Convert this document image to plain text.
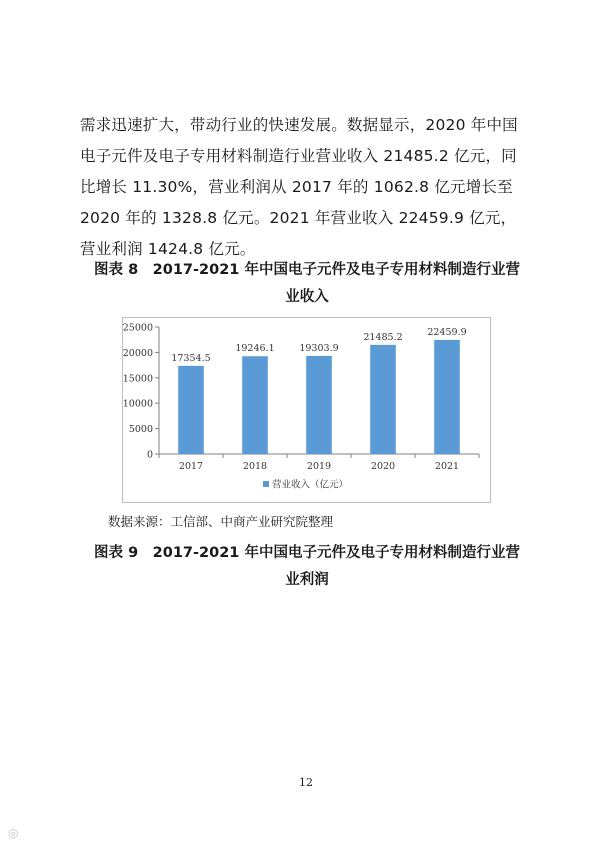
需求迅速扩大，带动行业的快速发展。数据显示，2020 年中国
电子元件及电子专用材料制造行业营业收入 21485.2 亿元，同
比增长 11.30%，营业利润从 2017 年的 1062.8 亿元增长至
2020 年的 1328.8 亿元。2021 年营业收入 22459.9 亿元，
营业利润 1424.8 亿元。
图表 8　2017-2021 年中国电子元件及电子专用材料制造行业营
业收入
0
5000
10000
15000
20000
25000
17354.5
2017
19246.1
2018
19303.9
2019
21485.2
2020
22459.9
2021
营业收入（亿元）
数据来源：工信部、中商产业研究院整理
图表 9　2017-2021 年中国电子元件及电子专用材料制造行业营
业利润
12
◎
